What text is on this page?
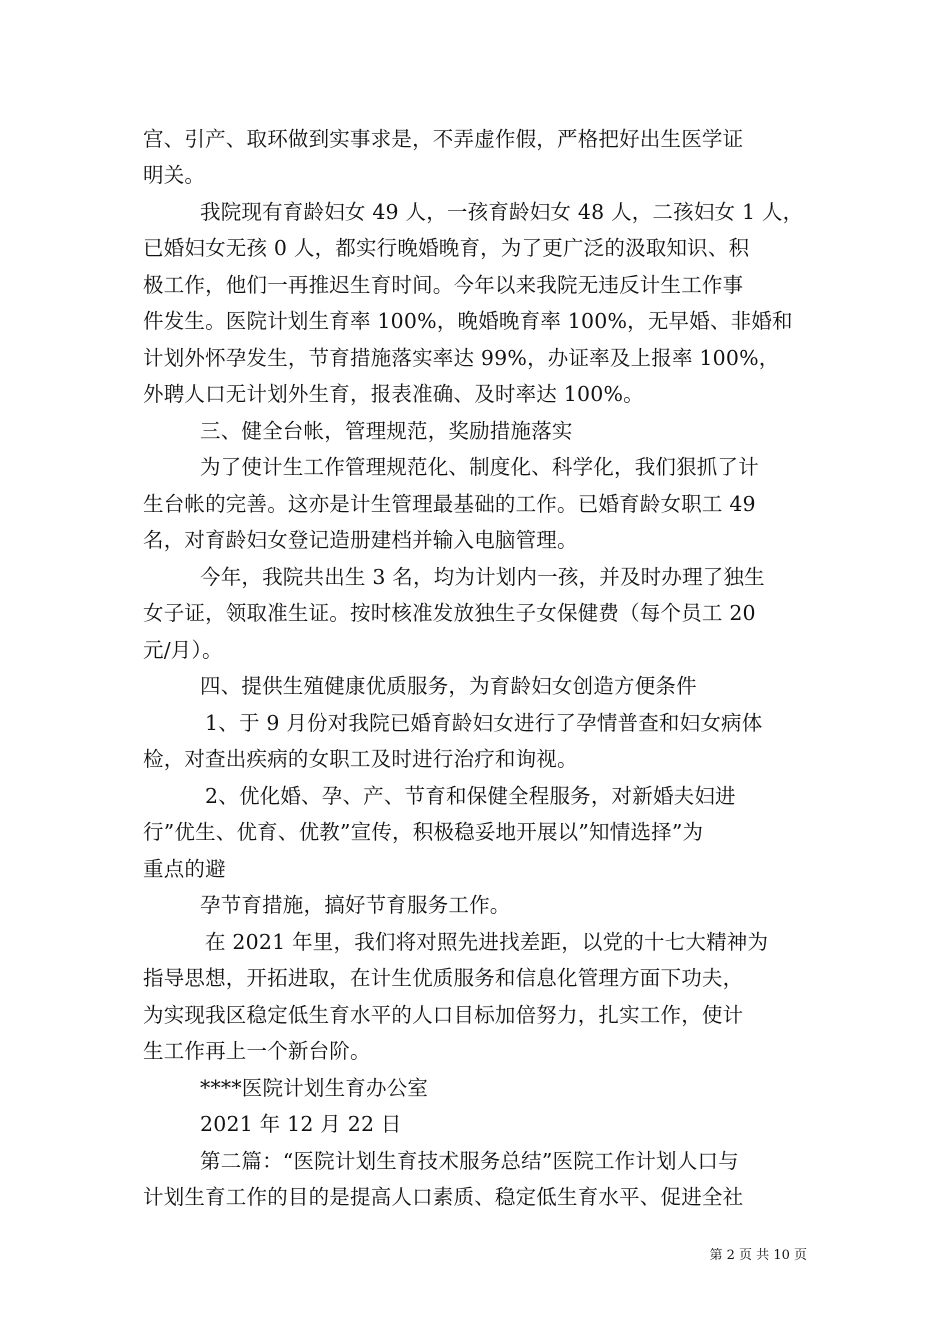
宫、引产、取环做到实事求是，不弄虚作假，严格把好出生医学证
明关。
我院现有育龄妇女 49 人，一孩育龄妇女 48 人，二孩妇女 1 人，
已婚妇女无孩 0 人，都实行晚婚晚育，为了更广泛的汲取知识、积
极工作，他们一再推迟生育时间。今年以来我院无违反计生工作事
件发生。医院计划生育率 100%，晚婚晚育率 100%，无早婚、非婚和
计划外怀孕发生，节育措施落实率达 99%，办证率及上报率 100%，
外聘人口无计划外生育，报表准确、及时率达 100%。
三、健全台帐，管理规范，奖励措施落实
为了使计生工作管理规范化、制度化、科学化，我们狠抓了计
生台帐的完善。这亦是计生管理最基础的工作。已婚育龄女职工 49
名，对育龄妇女登记造册建档并输入电脑管理。
今年，我院共出生 3 名，均为计划内一孩，并及时办理了独生
女子证，领取准生证。按时核准发放独生子女保健费（每个员工 20
元/月）。
四、提供生殖健康优质服务，为育龄妇女创造方便条件
1、于 9 月份对我院已婚育龄妇女进行了孕情普查和妇女病体
检，对查出疾病的女职工及时进行治疗和询视。
2、优化婚、孕、产、节育和保健全程服务，对新婚夫妇进
行”优生、优育、优教”宣传，积极稳妥地开展以”知情选择”为
重点的避
孕节育措施，搞好节育服务工作。
在 2021 年里，我们将对照先进找差距，以党的十七大精神为
指导思想，开拓进取，在计生优质服务和信息化管理方面下功夫，
为实现我区稳定低生育水平的人口目标加倍努力，扎实工作，使计
生工作再上一个新台阶。
****医院计划生育办公室
2021 年 12 月 22 日
第二篇：“医院计划生育技术服务总结”医院工作计划人口与
计划生育工作的目的是提高人口素质、稳定低生育水平、促进全社
第 2 页 共 10 页
